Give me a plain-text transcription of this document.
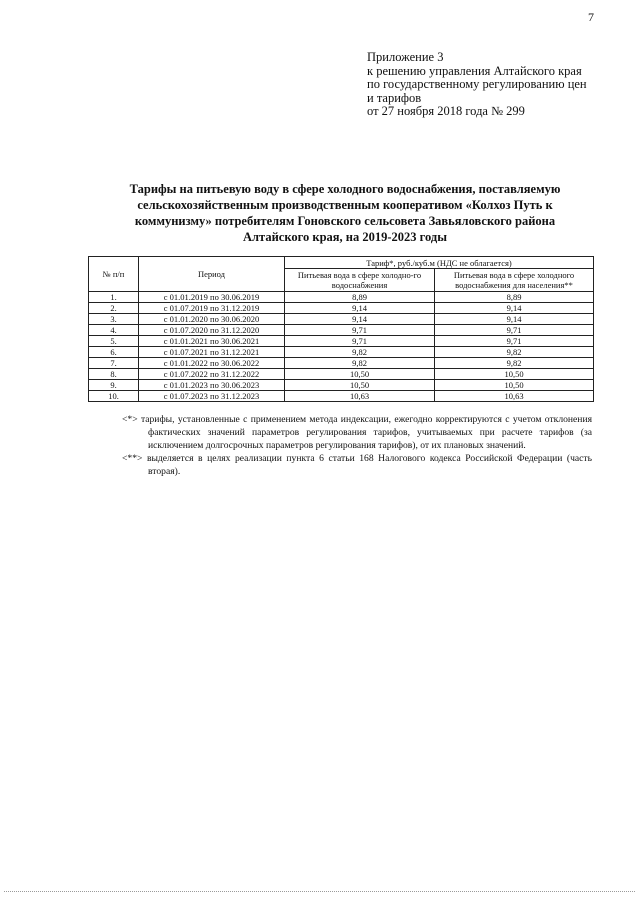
7
Приложение 3
к решению управления Алтайского края
по государственному регулированию цен
и тарифов
от 27 ноября 2018 года № 299
Тарифы на питьевую воду в сфере холодного водоснабжения, поставляемую
сельскохозяйственным производственным кооперативом «Колхоз Путь к
коммунизму» потребителям Гоновского сельсовета Завьяловского района
Алтайского края, на 2019-2023 годы
№ п/п	Период	Тариф*, руб./куб.м (НДС не облагается)	
		Питьевая вода в сфере холодно-го водоснабжения	Питьевая вода в сфере холодного водоснабжения для населения**
1.	с 01.01.2019 по 30.06.2019	8,89	8,89
2.	с 01.07.2019 по 31.12.2019	9,14	9,14
3.	с 01.01.2020 по 30.06.2020	9,14	9,14
4.	с 01.07.2020 по 31.12.2020	9,71	9,71
5.	с 01.01.2021 по 30.06.2021	9,71	9,71
6.	с 01.07.2021 по 31.12.2021	9,82	9,82
7.	с 01.01.2022 по 30.06.2022	9,82	9,82
8.	с 01.07.2022 по 31.12.2022	10,50	10,50
9.	с 01.01.2023 по 30.06.2023	10,50	10,50
10.	с 01.07.2023 по 31.12.2023	10,63	10,63

<*> тарифы, установленные с применением метода индексации, ежегодно корректируются с учетом отклонения фактических значений параметров регулирования тарифов, учитываемых при расчете тарифов (за исключением долгосрочных параметров регулирования тарифов), от их плановых значений.

<**> выделяется в целях реализации пункта 6 статьи 168 Налогового кодекса Российской Федерации (часть вторая).
